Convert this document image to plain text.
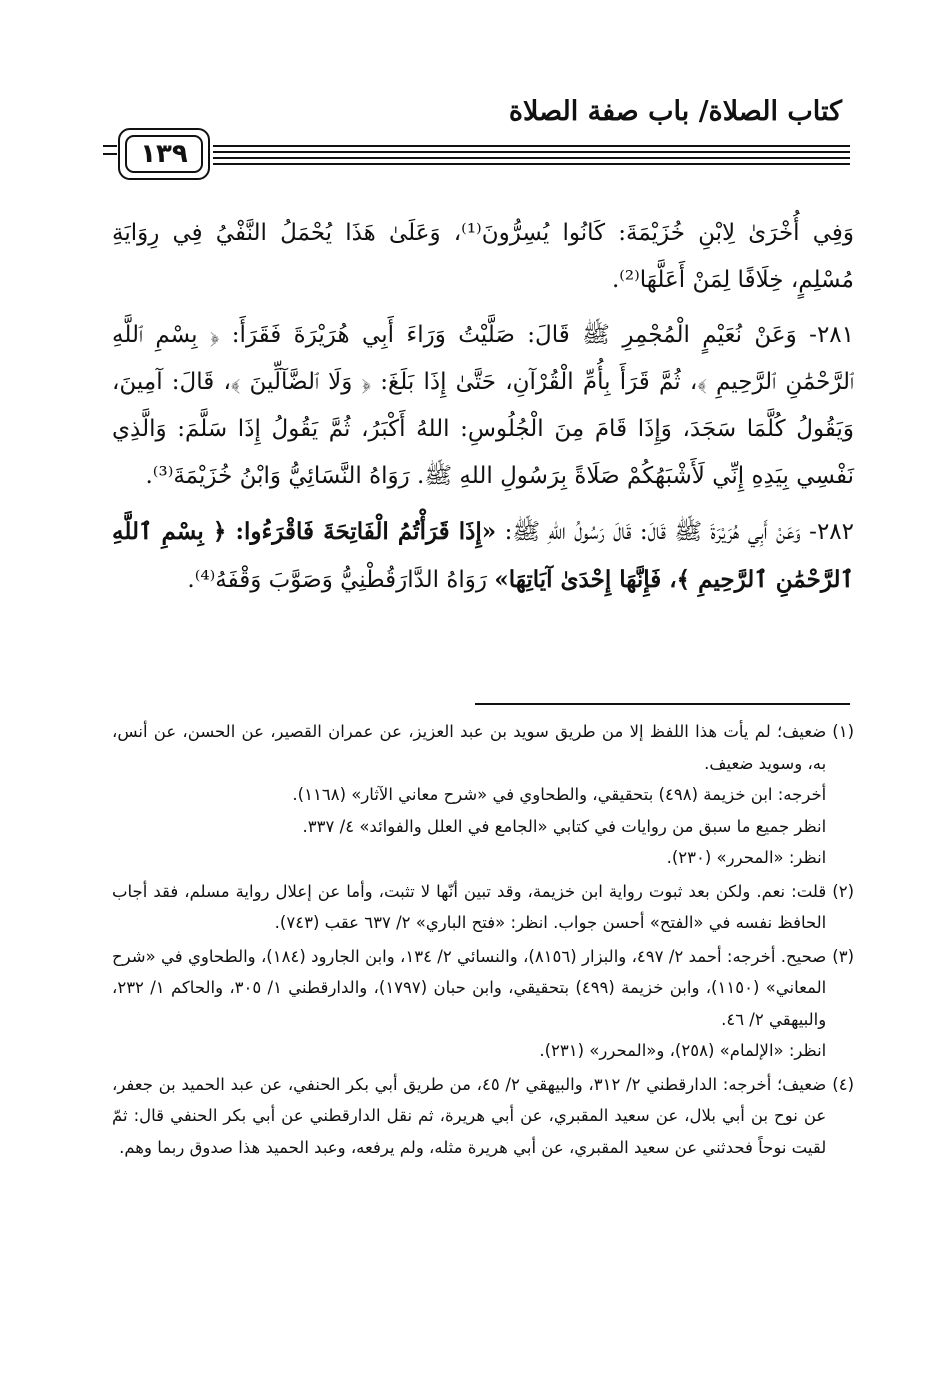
كتاب الصلاة/ باب صفة الصلاة
١٣٩

وَفِي أُخْرَىٰ لِابْنِ خُزَيْمَةَ: كَانُوا يُسِرُّونَ⁽¹⁾، وَعَلَىٰ هَذَا يُحْمَلُ النَّفْيُ فِي رِوَايَةِ مُسْلِمٍ، خِلَافًا لِمَنْ أَعَلَّهَا⁽²⁾.

٢٨١- وَعَنْ نُعَيْمٍ الْمُجْمِرِ ﷺ قَالَ: صَلَّيْتُ وَرَاءَ أَبِي هُرَيْرَةَ فَقَرَأَ: ﴿ بِسْمِ ٱللَّهِ ٱلرَّحْمَٰنِ ٱلرَّحِيمِ ﴾، ثُمَّ قَرَأَ بِأُمِّ الْقُرْآنِ، حَتَّىٰ إِذَا بَلَغَ: ﴿ وَلَا ٱلضَّآلِّينَ ﴾، قَالَ: آمِينَ، وَيَقُولُ كُلَّمَا سَجَدَ، وَإِذَا قَامَ مِنَ الْجُلُوسِ: اللهُ أَكْبَرُ، ثُمَّ يَقُولُ إِذَا سَلَّمَ: وَالَّذِي نَفْسِي بِيَدِهِ إِنِّي لَأَشْبَهُكُمْ صَلَاةً بِرَسُولِ اللهِ ﷺ. رَوَاهُ النَّسَائِيُّ وَابْنُ خُزَيْمَةَ⁽³⁾.

٢٨٢- وَعَنْ أَبِي هُرَيْرَةَ ﷺ قَالَ: قَالَ رَسُولُ اللهِ ﷺ: «إِذَا قَرَأْتُمُ الْفَاتِحَةَ فَاقْرَءُوا: ﴿ بِسْمِ ٱللَّهِ ٱلرَّحْمَٰنِ ٱلرَّحِيمِ ﴾، فَإِنَّهَا إِحْدَىٰ آيَاتِهَا» رَوَاهُ الدَّارَقُطْنِيُّ وَصَوَّبَ وَقْفَهُ⁽⁴⁾.

(١)
ضعيف؛ لم يأت هذا اللفظ إلا من طريق سويد بن عبد العزيز، عن عمران القصير، عن الحسن، عن أنس، به، وسويد ضعيف.
أخرجه: ابن خزيمة (٤٩٨) بتحقيقي، والطحاوي في «شرح معاني الآثار» (١١٦٨).
انظر جميع ما سبق من روايات في كتابي «الجامع في العلل والفوائد» ٤/ ٣٣٧.
انظر: «المحرر» (٢٣٠).
(٢)
قلت: نعم. ولكن بعد ثبوت رواية ابن خزيمة، وقد تبين أنّها لا تثبت، وأما عن إعلال رواية مسلم، فقد أجاب الحافظ نفسه في «الفتح» أحسن جواب. انظر: «فتح الباري» ٢/ ٦٣٧ عقب (٧٤٣).
(٣)
صحيح. أخرجه: أحمد ٢/ ٤٩٧، والبزار (٨١٥٦)، والنسائي ٢/ ١٣٤، وابن الجارود (١٨٤)، والطحاوي في «شرح المعاني» (١١٥٠)، وابن خزيمة (٤٩٩) بتحقيقي، وابن حبان (١٧٩٧)، والدارقطني ١/ ٣٠٥، والحاكم ١/ ٢٣٢، والبيهقي ٢/ ٤٦.
انظر: «الإلمام» (٢٥٨)، و«المحرر» (٢٣١).
(٤)
ضعيف؛ أخرجه: الدارقطني ٢/ ٣١٢، والبيهقي ٢/ ٤٥، من طريق أبي بكر الحنفي، عن عبد الحميد بن جعفر، عن نوح بن أبي بلال، عن سعيد المقبري، عن أبي هريرة، ثم نقل الدارقطني عن أبي بكر الحنفي قال: ثمّ لقيت نوحاً فحدثني عن سعيد المقبري، عن أبي هريرة مثله، ولم يرفعه، وعبد الحميد هذا صدوق ربما وهم.
